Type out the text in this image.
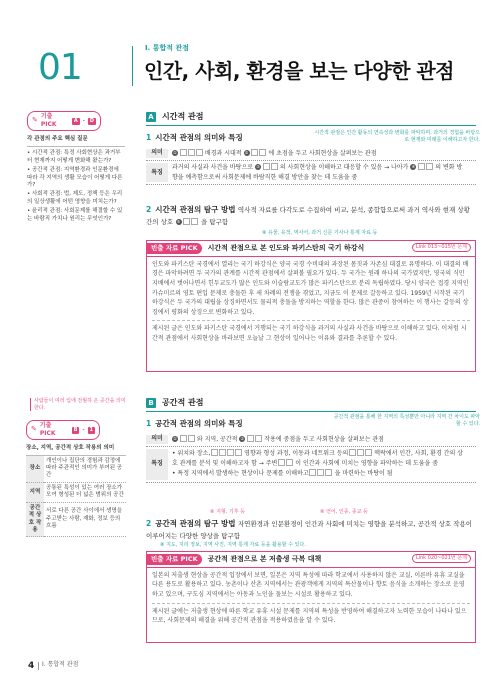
01	Ⅰ. 통합적 관점
인간, 사회, 환경을 보는 다양한 관점
✎ 기출 PICK
A	-	D
각 관점의 주요 핵심 질문
• 시간적 관점: 특정 사회현상은 과거부터 현재까지 어떻게 변화해 왔는가?
• 공간적 관점: 지역환경과 인문환경에 따라 각 지역의 생활 모습이 어떻게 다른가?
• 사회적 관점: 법, 제도, 정책 등은 우리의 일상생활에 어떤 영향을 미치는가?
• 윤리적 관점: 사회문제를 해결할 수 있는 바람직 가치나 원리는 무엇인가?
A 시간적 관점
1 시간적 관점의 의미와 특징	시간적 관점은 인간 활동의 연속성과 변화를 파악하며, 과거의 경험을 바탕으로 현재와 미래를 이해하고자 한다.
의미	①	배경과 시대적 ②	에 초점을 두고 사회현상을 살펴보는 관점
특징
과거의 사실과 사건을 바탕으로 ③	의 사회현상을 이해하고 대응할 수 있음 → 나아가 ④	의 변화 방향을 예측함으로써 사회문제에 바람직한 해결 방안을 찾는 데 도움을 줌
2 시간적 관점의 탐구 방법 역사적 자료를 다각도로 수집하여 비교, 분석, 종합함으로써 과거 역사와 현재 상황 간의 상호 ⑤	을 탐구함
⑧ 유물, 유적, 역사서, 과거 신문 기사나 통계 자료 등
빈출 자료 PICK	시간적 관점으로 본 인도와 파키스탄의 국기 하강식	Link 013~015번 문제
인도와 파키스탄 국경에서 열리는 국기 하강식은 양국 국경 수비대의 과장된 몸짓과 자존심 대결로 유명하다. 이 대결의 배경은 파악하려면 두 국가의 관계를 시간적 관점에서 살펴볼 필요가 있다. 두 국가는 원래 하나의 국가였지만, 영국의 식민 지배에서 벗어나면서 힌두교도가 많은 인도와 이슬람교도가 많은 파키스탄으로 분리 독립하였다. 당시 양국은 접경 지역인 카슈미르의 영토 편입 문제로 충돌한 후 세 차례의 전쟁을 겪었고, 지금도 이 문제로 갈등하고 있다. 1959년 시작된 국기 하강식은 두 국가의 대립을 상징하면서도 물리적 충돌을 방지하는 역할을 한다. 많은 관중이 참여하는 이 행사는 갈등의 상징에서 평화의 상징으로 변화하고 있다.
제시된 글은 인도와 파키스탄 국경에서 거행되는 국기 하강식을 과거의 사실과 사건을 바탕으로 이해하고 있다. 이처럼 시간적 관점에서 사회현상을 바라보면 오늘날 그 현상이 일어나는 이유와 결과를 추론할 수 있다.
사람들이 여러 입에 전월하 온 공간을 의미한다.
✎ 기출 PICK
B	-	1
장소, 지역, 공간적 상호 작용의 의미
장소	개인이나 집단의 경험과 감정에 따라 주관적인 의미가 부여된 공간
지역	공통된 특성이 있는 여러 장소가 모여 형성된 더 넓은 범위의 공간
공간적 상호 작용	서로 다른 공간 사이에서 생명을 주고받는 사람, 재화, 정보 등의 흐름
B 공간적 관점
1 공간적 관점의 의미와 특징
공간적 관점을 통해 한 지역의 특성뿐만 아니라 지역 간 차이도 파악할 수 있다.
의미	①	와 지역, 공간적 ②	작용에 중점을 두고 사회현상을 살펴보는 관점
특징
• 위치와 장소,	영향과 형성 과정, 이동과 네트워크 등의	맥락에서 인간, 사회, 환경 간의 상호 관계를 분석 및 이해하고자 함 → 주변	이 인간과 사회에 미치는 영향을 파악하는 데 도움을 줌
• 특정 지역에서 발생하는 현상이나 문제를 이해하고	을 마련하는 바탕이 됨
⑧ 지형, 기후 등	⑧ 언어, 인종, 종교 등
2 공간적 관점의 탐구 방법 자연환경과 인문환경이 인간과 사회에 미치는 영향을 분석하고, 공간적 상호 작용이 이루어지는 다양한 양상을 탐구함
⑧ 지도, 지리 정보, 지역 사진, 지역 통계 자료 등을 활용할 수 있다.
빈출 자료 PICK	공간적 관점으로 본 저출생 극복 대책	Link 020~021번 문제
일본의 저출생 현상을 공간적 입장에서 보면, 일본은 지역 특성에 따라 학교에서 사용하지 않은 교실, 이른바 유휴 교실을 다른 용도로 활용하고 있다. 농촌이나 산촌 지역에서는 관광객에게 지역의 특산물이나 향토 음식을 소개하는 장소로 운영하고 있으며, 구도심 지역에서는 아동과 노인을 돌보는 시설로 활용하고 있다.
제시된 글에는 저출생 현상에 따른 학교 유휴 시설 문제를 지역의 특성을 반영하여 해결하고자 노력한 모습이 나타나 있으므로, 사회문제의 해결을 위해 공간적 관점을 적용하였음을 알 수 있다.
4 Ⅰ. 통합적 관점
